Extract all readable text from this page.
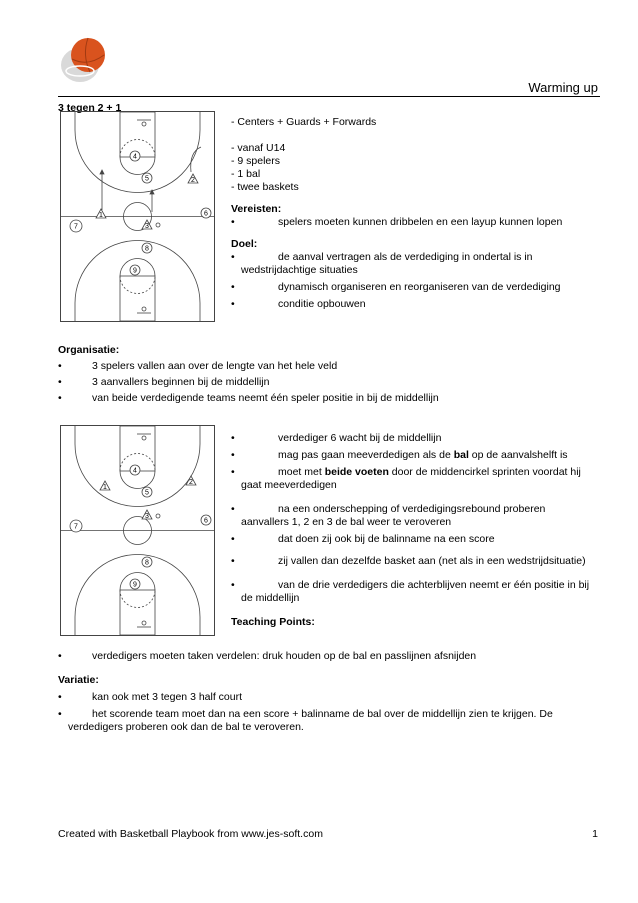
Warming up
3 tegen 2 + 1
4
5	2
1
3
6
7
8
9

- Centers + Guards + Forwards

- vanaf U14

- 9 spelers

- 1 bal

- twee baskets

Vereisten:

•	spelers moeten kunnen dribbelen en een layup kunnen lopen

Doel:

•	de aanval vertragen als de verdediging in ondertal is in

wedstrijdachtige situaties

•	dynamisch organiseren en reorganiseren van de verdediging

•	conditie opbouwen

Organisatie:

•	3 spelers vallen aan over de lengte van het hele veld

•	3 aanvallers beginnen bij de middellijn

•	van beide verdedigende teams neemt één speler positie in bij de middellijn

4
5
2
1
3
6
7
8
9

•	verdediger 6 wacht bij de middellijn

•	mag pas gaan meeverdedigen als de bal op de aanvalshelft is

•	moet met beide voeten door de middencirkel sprinten voordat hij

gaat meeverdedigen

•	na een onderschepping of verdedigingsrebound proberen

aanvallers 1, 2 en 3 de bal weer te veroveren

•	dat doen zij ook bij de balinname na een score

•	zij vallen dan dezelfde basket aan (net als in een wedstrijdsituatie)

•	van de drie verdedigers die achterblijven neemt er één positie in bij

de middellijn

Teaching Points:

•	verdedigers moeten taken verdelen: druk houden op de bal en passlijnen afsnijden

Variatie:

•	kan ook met 3 tegen 3 half court

•	het scorende team moet dan na een score + balinname de bal over de middellijn zien te krijgen. De

verdedigers proberen ook dan de bal te veroveren.

Created with Basketball Playbook from www.jes-soft.com	1
